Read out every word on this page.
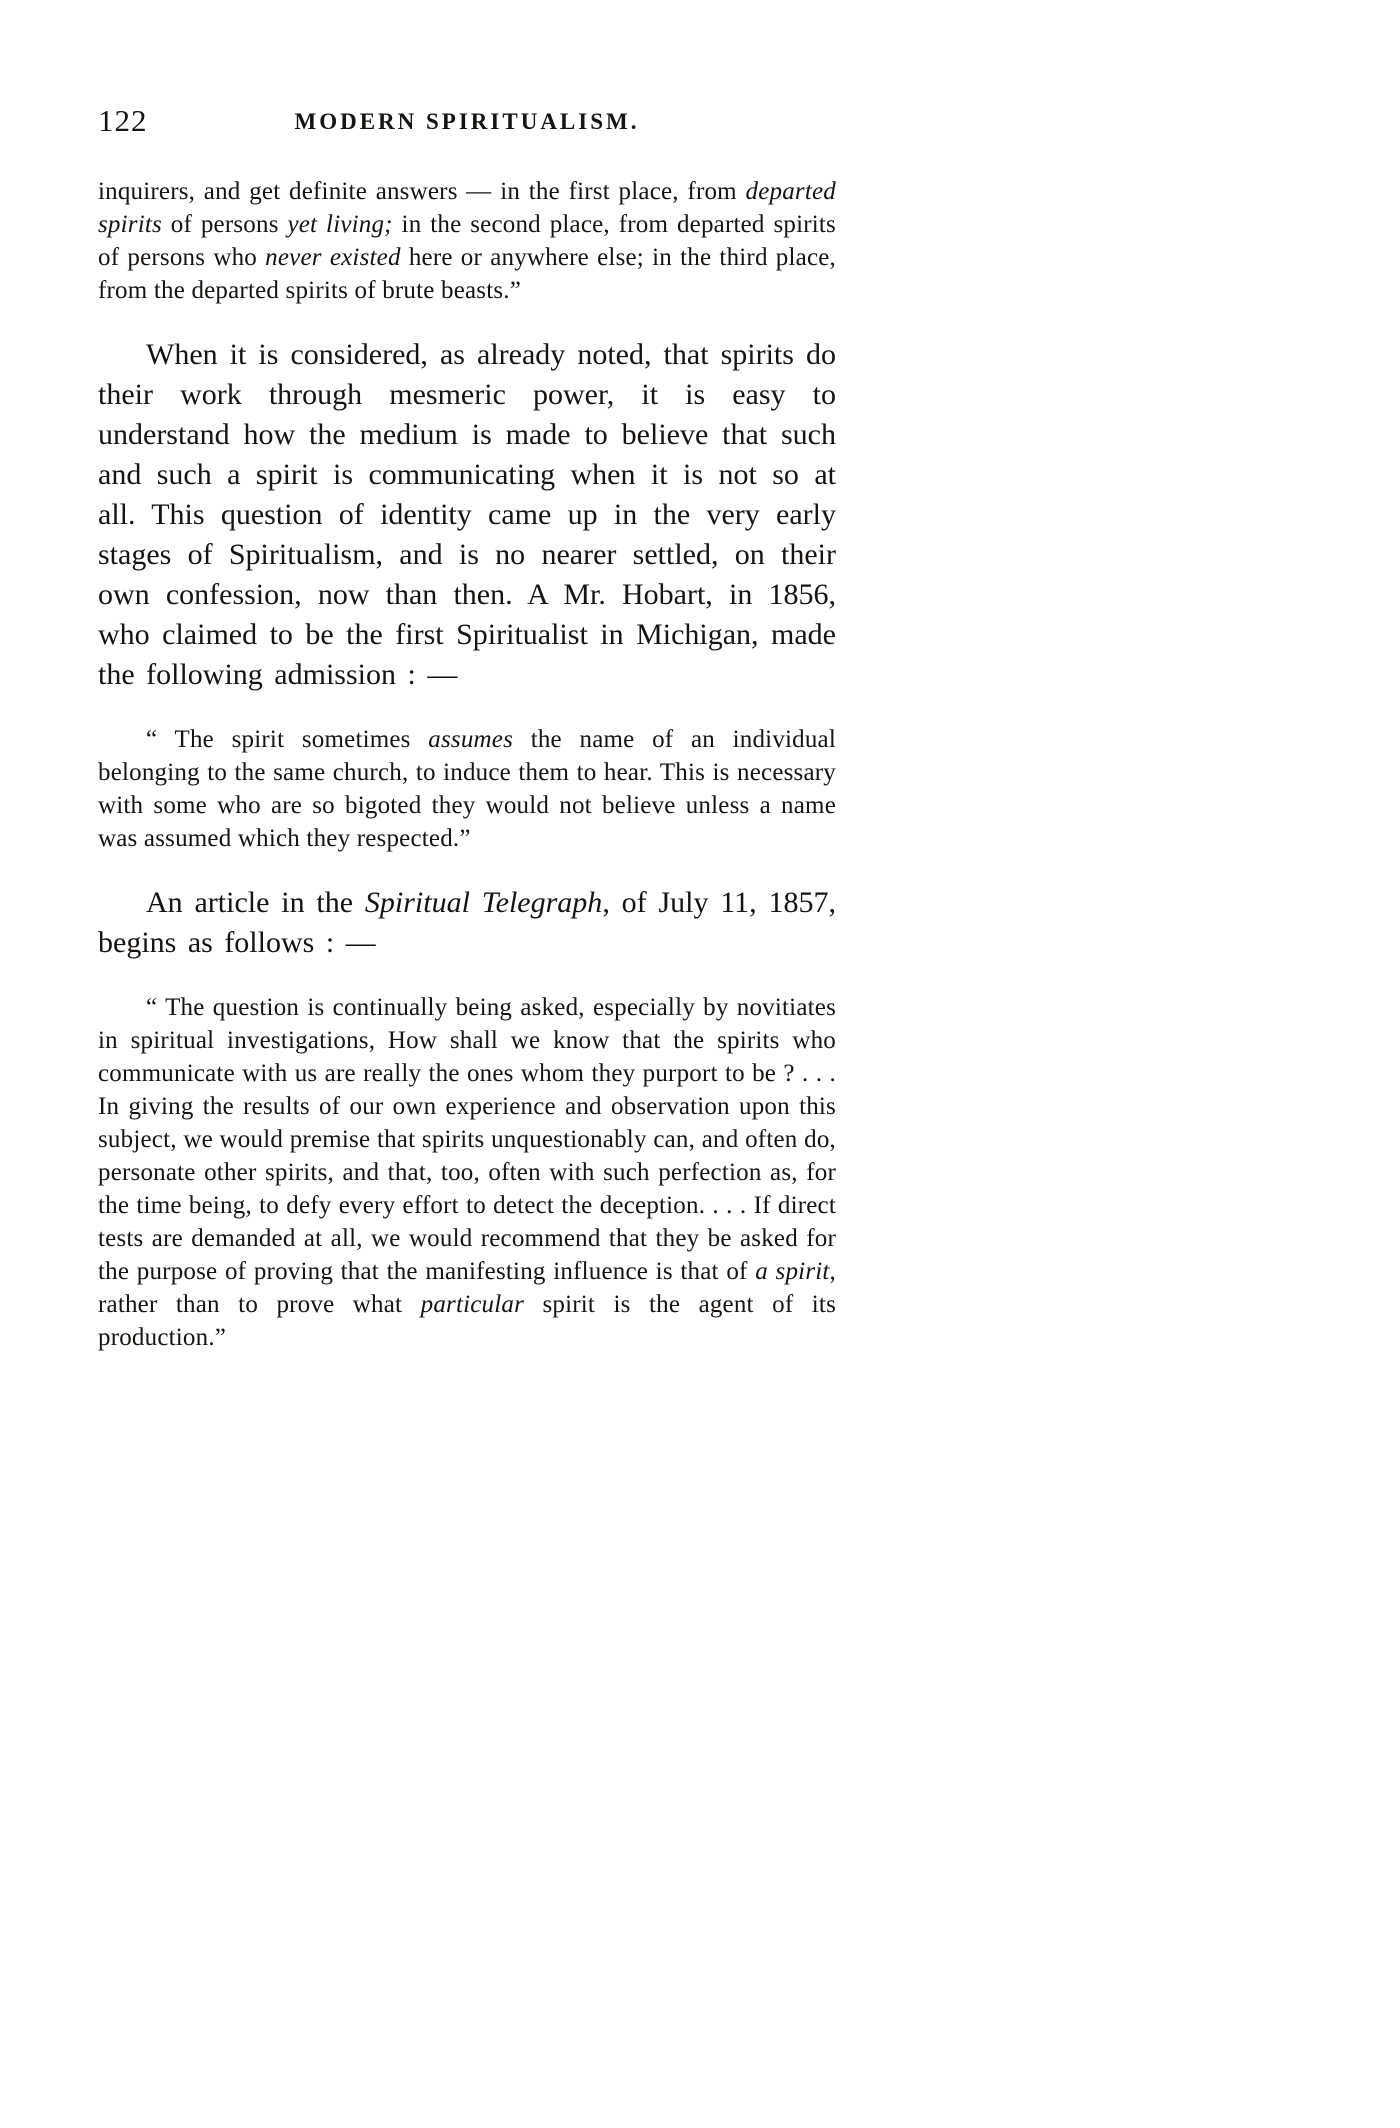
122	MODERN SPIRITUALISM.

inquirers, and get definite answers — in the first place, from departed spirits of persons yet living; in the second place, from departed spirits of persons who never existed here or anywhere else; in the third place, from the departed spirits of brute beasts.”

When it is considered, as already noted, that spirits do their work through mesmeric power, it is easy to understand how the medium is made to believe that such and such a spirit is communicating when it is not so at all. This question of identity came up in the very early stages of Spiritualism, and is no nearer settled, on their own confession, now than then. A Mr. Hobart, in 1856, who claimed to be the first Spiritualist in Michigan, made the following admission : —

“ The spirit sometimes assumes the name of an individual belonging to the same church, to induce them to hear. This is necessary with some who are so bigoted they would not believe unless a name was assumed which they respected.”

An article in the Spiritual Telegraph, of July 11, 1857, begins as follows : —

“ The question is continually being asked, especially by novitiates in spiritual investigations, How shall we know that the spirits who communicate with us are really the ones whom they purport to be ? . . . In giving the results of our own experience and observation upon this subject, we would premise that spirits unquestionably can, and often do, personate other spirits, and that, too, often with such perfection as, for the time being, to defy every effort to detect the deception. . . . If direct tests are demanded at all, we would recommend that they be asked for the purpose of proving that the manifesting influence is that of a spirit, rather than to prove what particular spirit is the agent of its production.”
